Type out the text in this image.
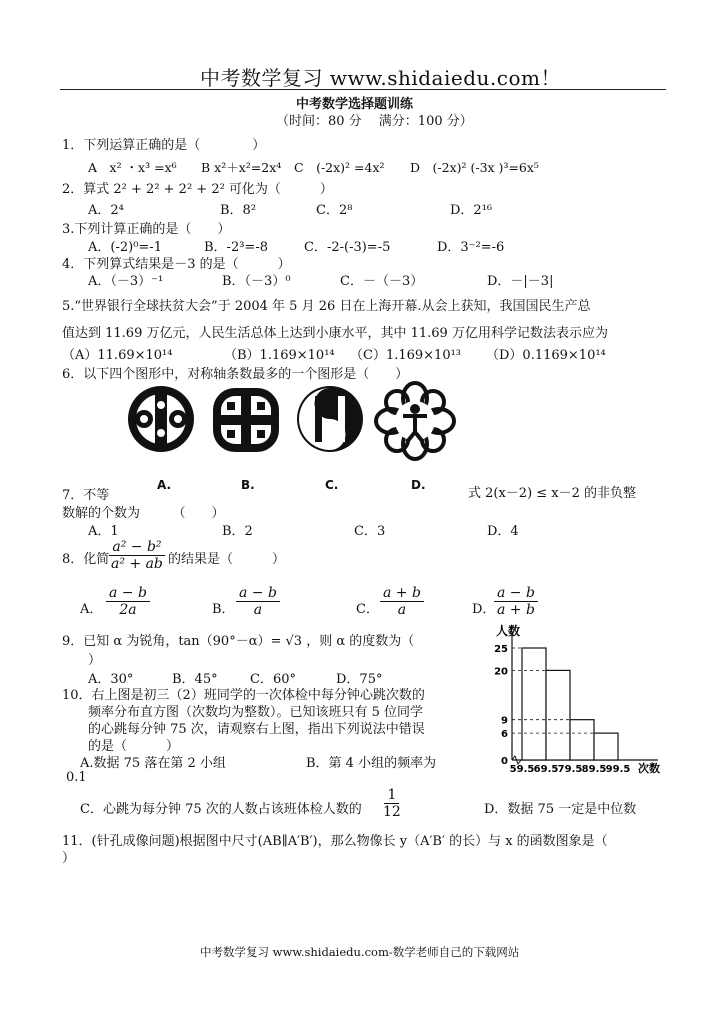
中考数学复习 www.shidaiedu.com！
中考数学选择题训练
（时间：80 分　 满分：100 分）
1．下列运算正确的是（　　　　）
A　x² ・x³ =x⁶ B x²＋x²=2x⁴ C　(-2x)² =4x² D　(-2x)² (-3x )³=6x⁵
2．算式 2² + 2² + 2² + 2² 可化为（　　　）
A．2⁴	B．8²	C．2⁸	D．2¹⁶
3.下列计算正确的是（　　）
A．(-2)⁰=-1	B．-2³=-8	C．-2-(-3)=-5	D．3⁻²=-6
4．下列算式结果是－3 的是（　　　）
A．（－3）⁻¹	B．（－3）⁰	C．－（－3）	D．－|－3|
5.“世界银行全球扶贫大会”于 2004 年 5 月 26 日在上海开幕.从会上获知，我国国民生产总
值达到 11.69 万亿元，人民生活总体上达到小康水平，其中 11.69 万亿用科学记数法表示应为
（A）11.69×10¹⁴	（B）1.169×10¹⁴ （C）1.169×10¹³ （D）0.1169×10¹⁴
6．以下四个图形中，对称轴条数最多的一个图形是（　　）
A.	B.	C.	D.
7．不等	式 2(x－2) ≤ x－2 的非负整
数解的个数为　　　（　　）
A．1	B．2	C．3	D．4
8．化简
$\frac{\text{a² − b²}}{\text{a² + ab}}$ 的结果是（　　　）
A． $\frac{a - b}{2a}$	B． $\frac{a - b}{a}$	C． $\frac{a + b}{a}$	D．
$\frac{a - b}{a + b}$
9．已知 α 为锐角，tan（90°－α）= √3 ，则 α 的度数为（
）
A．30°	B．45° C．60°	D．75°
人数
次数
0
6
9
20
25
59.5 69.5 79.5 89.5 99.5
10．右上图是初三（2）班同学的一次体检中每分钟心跳次数的
频率分布直方图（次数均为整数）。已知该班只有 5 位同学
的心跳每分钟 75 次，请观察右上图，指出下列说法中错误
的是（　　　）
A.数据 75 落在第 2 小组	B．第 4 小组的频率为
0.1
C．心跳为每分钟 75 次的人数占该班体检人数的 $\frac{1}{12}$	D．数据 75 一定是中位数
11．(针孔成像问题)根据图中尺寸(AB∥A′B′)，那么物像长 y（A′B′ 的长）与 x 的函数图象是（
）
中考数学复习 www.shidaiedu.com-数学老师自己的下载网站
